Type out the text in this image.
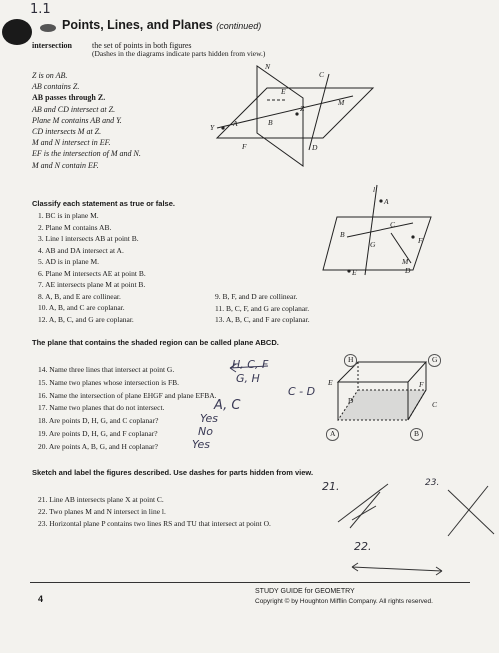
1.1
Points, Lines, and Planes (continued)
intersection	the set of points in both figures
(Dashes in the diagrams indicate parts hidden from view.)
Z is on AB.
AB contains Z.
AB passes through Z.
AB and CD intersect at Z.
Plane M contains AB and Y.
CD intersects M at Z.
M and N intersect in EF.
EF is the intersection of M and N.
M and N contain EF.
N
C
E
M
Z
Y	A	B
F	D
Classify each statement as true or false.
1. BC is in plane M.
2. Plane M contains AB.
3. Line l intersects AB at point B.
4. AB and DA intersect at A.
5. AD is in plane M.
6. Plane M intersects AE at point B.
7. AE intersects plane M at point B.
8. A, B, and E are collinear.
10. A, B, and C are coplanar.
12. A, B, C, and G are coplanar.
9. B, F, and D are collinear.
11. B, C, F, and G are coplanar.
13. A, B, C, and F are coplanar.
l
A
C
B
G	F
M
D
E
The plane that contains the shaded region can be called plane ABCD.
14. Name three lines that intersect at point G.
15. Name two planes whose intersection is FB.
16. Name the intersection of plane EHGF and plane EFBA.
17. Name two planes that do not intersect.
18. Are points D, H, G, and C coplanar?
19. Are points D, H, G, and F coplanar?
20. Are points A, B, G, and H coplanar?
H, C, F
G, H
C - D
A, C
Yes
No
Yes
H	G
E	F
D	C
A	B
Sketch and label the figures described. Use dashes for parts hidden from view.
21. Line AB intersects plane X at point C.
22. Two planes M and N intersect in line l.
23. Horizontal plane P contains two lines RS and TU that intersect at point O.
21.	23.
22.
4
STUDY GUIDE for GEOMETRY
Copyright © by Houghton Mifflin Company. All rights reserved.
